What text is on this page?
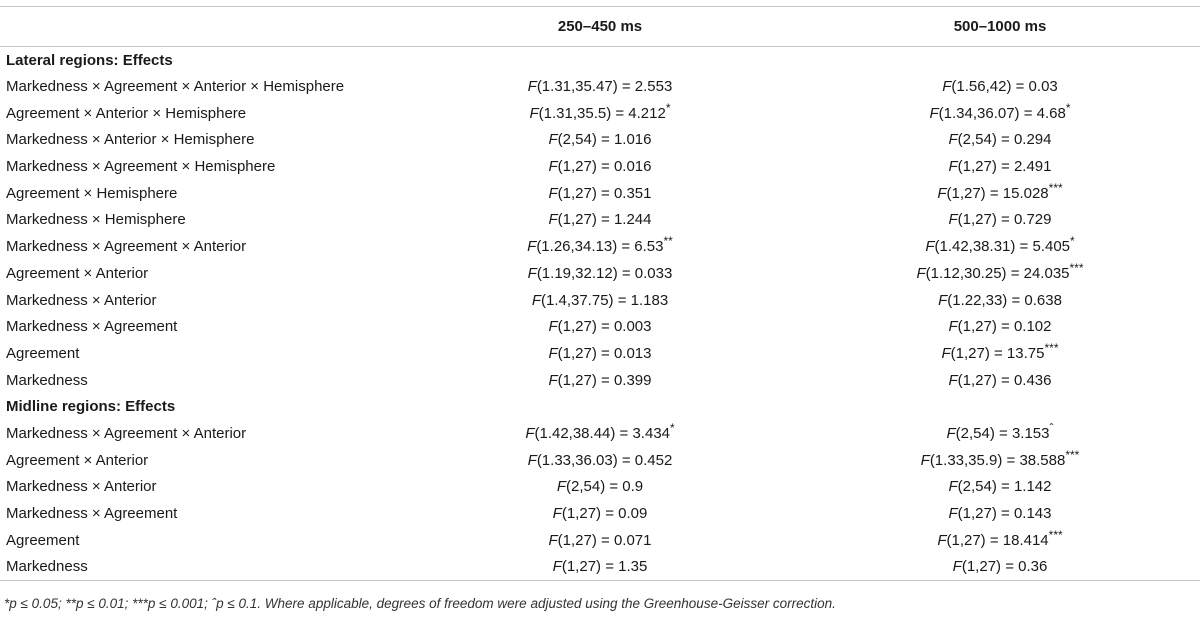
	250–450 ms	500–1000 ms
Lateral regions: Effects		
Markedness × Agreement × Anterior × Hemisphere	F(1.31,35.47) = 2.553	F(1.56,42) = 0.03
Agreement × Anterior × Hemisphere	F(1.31,35.5) = 4.212*	F(1.34,36.07) = 4.68*
Markedness × Anterior × Hemisphere	F(2,54) = 1.016	F(2,54) = 0.294
Markedness × Agreement × Hemisphere	F(1,27) = 0.016	F(1,27) = 2.491
Agreement × Hemisphere	F(1,27) = 0.351	F(1,27) = 15.028***
Markedness × Hemisphere	F(1,27) = 1.244	F(1,27) = 0.729
Markedness × Agreement × Anterior	F(1.26,34.13) = 6.53**	F(1.42,38.31) = 5.405*
Agreement × Anterior	F(1.19,32.12) = 0.033	F(1.12,30.25) = 24.035***
Markedness × Anterior	F(1.4,37.75) = 1.183	F(1.22,33) = 0.638
Markedness × Agreement	F(1,27) = 0.003	F(1,27) = 0.102
Agreement	F(1,27) = 0.013	F(1,27) = 13.75***
Markedness	F(1,27) = 0.399	F(1,27) = 0.436
Midline regions: Effects		
Markedness × Agreement × Anterior	F(1.42,38.44) = 3.434*	$F(2,54) = 3.153^ˆ$
Agreement × Anterior	F(1.33,36.03) = 0.452	F(1.33,35.9) = 38.588***
Markedness × Anterior	F(2,54) = 0.9	F(2,54) = 1.142
Markedness × Agreement	F(1,27) = 0.09	F(1,27) = 0.143
Agreement	F(1,27) = 0.071	F(1,27) = 18.414***
Markedness	F(1,27) = 1.35	F(1,27) = 0.36
*p ≤ 0.05; **p ≤ 0.01; ***p ≤ 0.001; ˆp ≤ 0.1. Where applicable, degrees of freedom were adjusted using the Greenhouse-Geisser correction.
